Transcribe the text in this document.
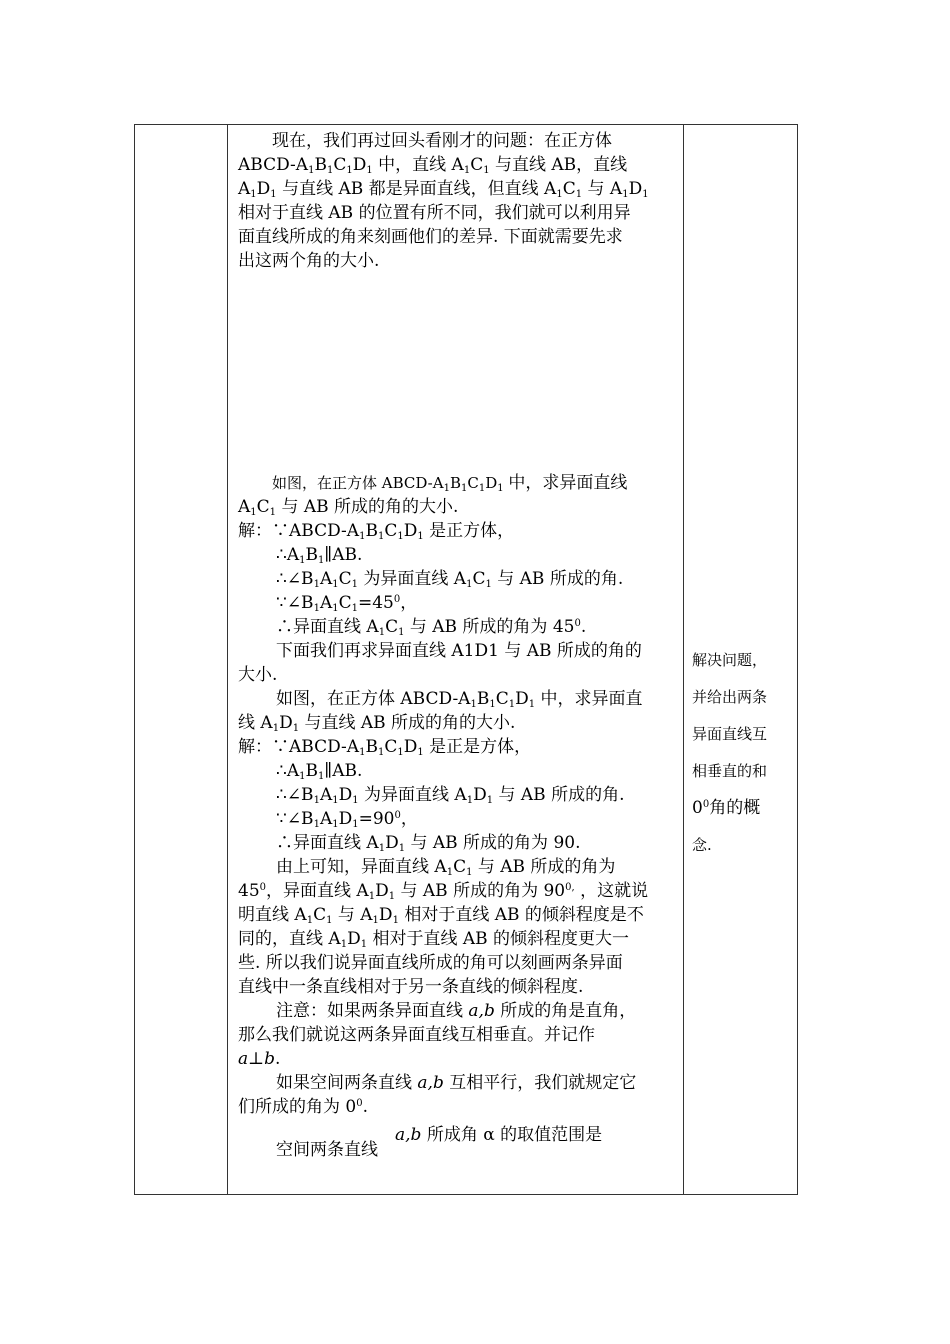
现在，我们再过回头看刚才的问题：在正方体
ABCD-$A_1B_1C_1D_1$ 中，直线 $A_1C_1$ 与直线 AB，直线
$A_1D_1$ 与直线 AB 都是异面直线，但直线 $A_1C_1$ 与 $A_1D_1$
相对于直线 AB 的位置有所不同，我们就可以利用异
面直线所成的角来刻画他们的差异. 下面就需要先求
出这两个角的大小.
如图，在正方体 ABCD-$A_1B_1C_1D_1$ 中，求异面直线
$A_1C_1$ 与 AB 所成的角的大小.
解：$\because ABCD-A_1B_1C_1D_1$ 是正方体，
$\therefore A_1B_1\parallel AB$.
$\therefore\angle B_1A_1C_1$ 为异面直线 $A_1C_1$ 与 AB 所成的角.
$\because\angle B_1A_1C_1=45^0$，
∴异面直线 $A_1C_1$ 与 AB 所成的角为 $45^0$.
下面我们再求异面直线 A1D1 与 AB 所成的角的
大小.
如图，在正方体 ABCD-$A_1B_1C_1D_1$ 中，求异面直
线 $A_1D_1$ 与直线 AB 所成的角的大小.
解：$\because ABCD-A_1B_1C_1D_1$ 是正是方体，
$\therefore A_1B_1\parallel AB$.
$\therefore\angle B_1A_1D_1$ 为异面直线 $A_1D_1$ 与 AB 所成的角.
$\because\angle B_1A_1D_1=90^0$，
∴异面直线 $A_1D_1$ 与 AB 所成的角为 90.
由上可知，异面直线 $A_1C_1$ 与 AB 所成的角为
$45^0$，异面直线 $A_1D_1$ 与 AB 所成的角为 $90^{0,}$ ，这就说
明直线 $A_1C_1$ 与 $A_1D_1$ 相对于直线 AB 的倾斜程度是不
同的，直线 $A_1D_1$ 相对于直线 AB 的倾斜程度更大一
些. 所以我们说异面直线所成的角可以刻画两条异面
直线中一条直线相对于另一条直线的倾斜程度.
注意：如果两条异面直线 a,b 所成的角是直角，
那么我们就说这两条异面直线互相垂直。并记作
a⊥b.
如果空间两条直线 a,b 互相平行，我们就规定它
们所成的角为 $0^0$.
空间两条直线
a,b 所成角 α 的取值范围是
解决问题，
并给出两条
异面直线互
相垂直的和
$0^0$角的概
念.
